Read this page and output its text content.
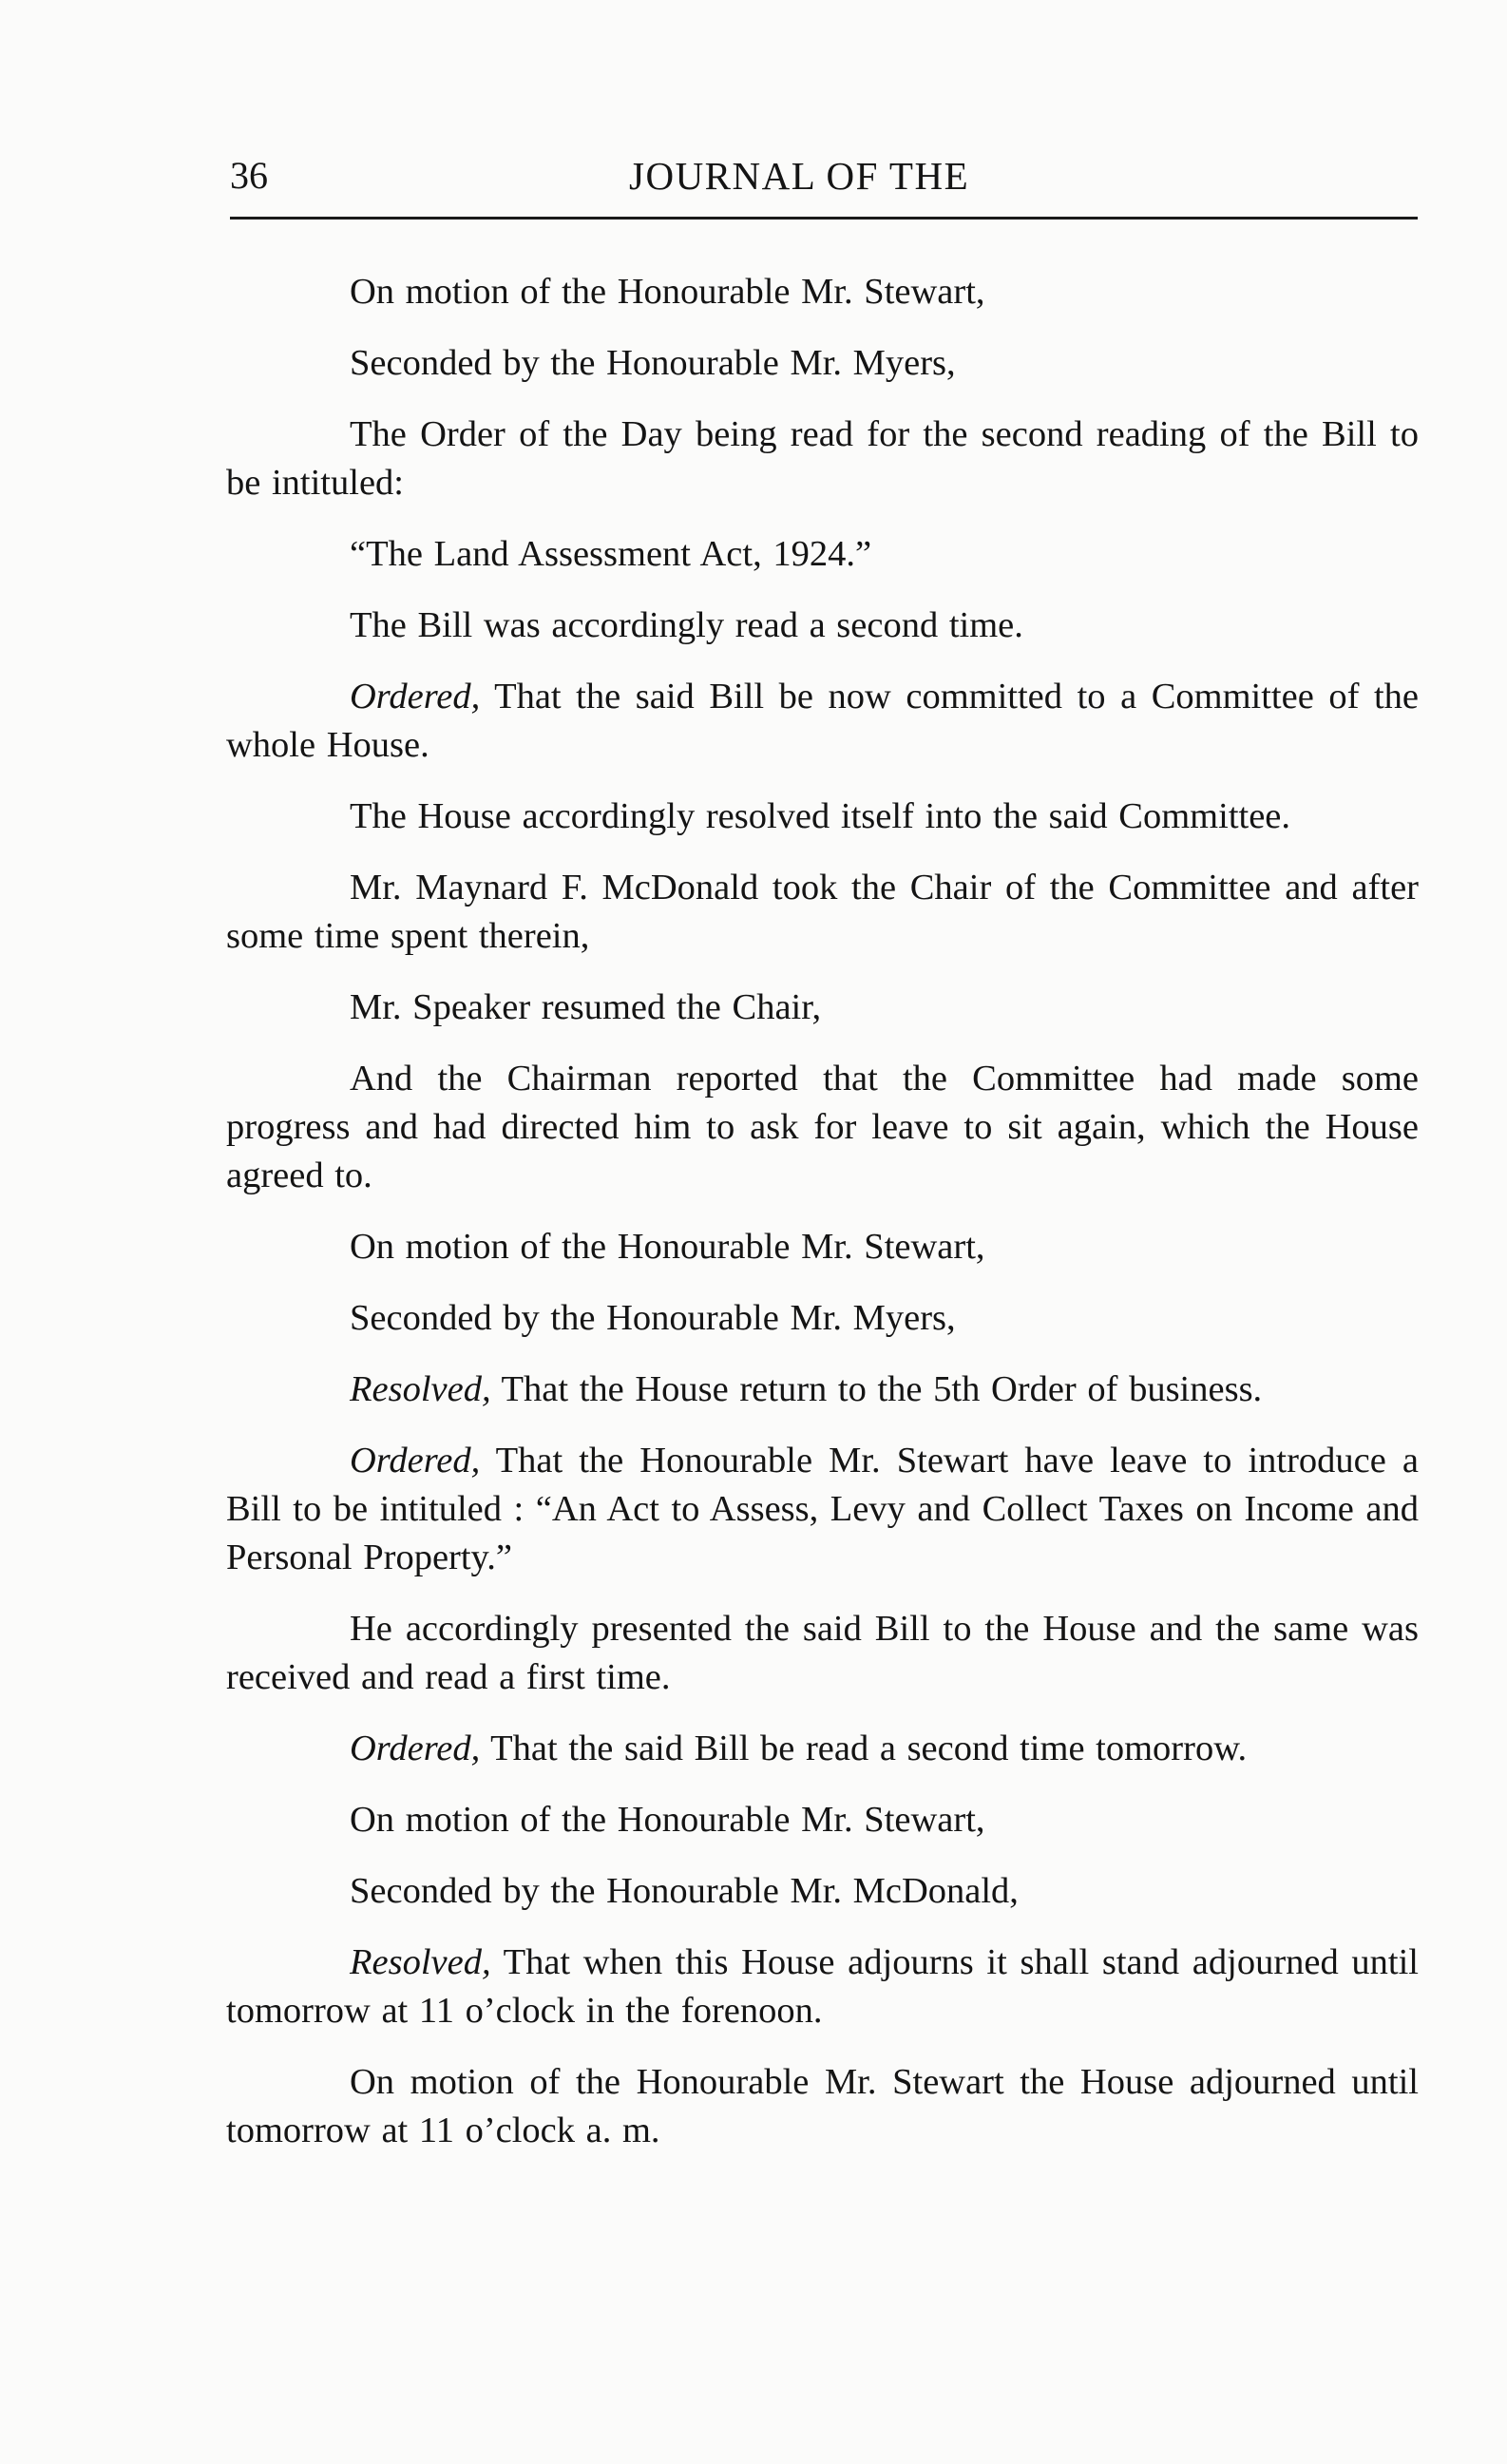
36	JOURNAL OF THE

On motion of the Honourable Mr. Stewart,

Seconded by the Honourable Mr. Myers,

The Order of the Day being read for the second reading of the Bill to be intituled:

“The Land Assessment Act, 1924.”

The Bill was accordingly read a second time.

Ordered, That the said Bill be now committed to a Committee of the whole House.

The House accordingly resolved itself into the said Committee.

Mr. Maynard F. McDonald took the Chair of the Committee and after some time spent therein,

Mr. Speaker resumed the Chair,

And the Chairman reported that the Committee had made some progress and had directed him to ask for leave to sit again, which the House agreed to.

On motion of the Honourable Mr. Stewart,

Seconded by the Honourable Mr. Myers,

Resolved, That the House return to the 5th Order of business.

Ordered, That the Honourable Mr. Stewart have leave to introduce a Bill to be intituled : “An Act to Assess, Levy and Collect Taxes on Income and Personal Property.”

He accordingly presented the said Bill to the House and the same was received and read a first time.

Ordered, That the said Bill be read a second time tomorrow.

On motion of the Honourable Mr. Stewart,

Seconded by the Honourable Mr. McDonald,

Resolved, That when this House adjourns it shall stand adjourned until tomorrow at 11 o’clock in the forenoon.

On motion of the Honourable Mr. Stewart the House adjourned until tomorrow at 11 o’clock a. m.
